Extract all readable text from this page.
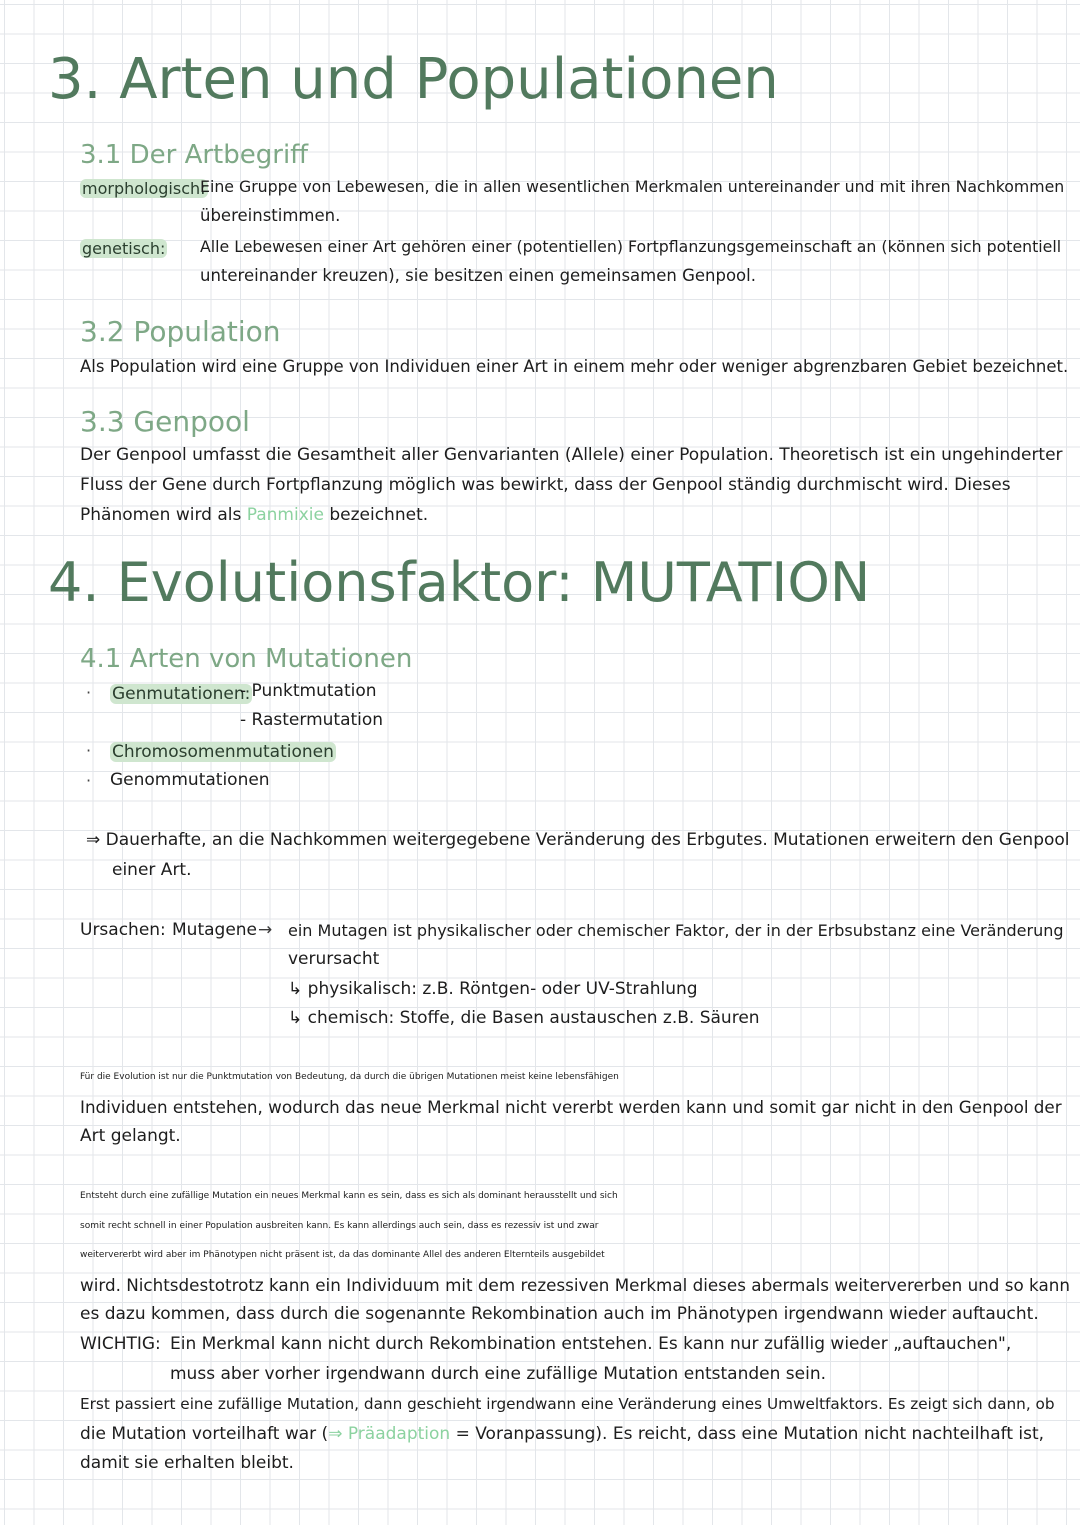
3. Arten und Populationen
3.1 Der Artbegriff
morphologisch:
Eine Gruppe von Lebewesen, die in allen wesentlichen Merkmalen untereinander und mit ihren Nachkommen
übereinstimmen.
genetisch: Alle Lebewesen einer Art gehören einer (potentiellen) Fortpflanzungsgemeinschaft an (können sich potentiell
untereinander kreuzen), sie besitzen einen gemeinsamen Genpool.
3.2 Population
Als Population wird eine Gruppe von Individuen einer Art in einem mehr oder weniger abgrenzbaren Gebiet bezeichnet.
3.3 Genpool
Der Genpool umfasst die Gesamtheit aller Genvarianten (Allele) einer Population. Theoretisch ist ein ungehinderter
Fluss der Gene durch Fortpflanzung möglich was bewirkt, dass der Genpool ständig durchmischt wird. Dieses
Phänomen wird als Panmixie bezeichnet.
4. Evolutionsfaktor: MUTATION
4.1 Arten von Mutationen
· Genmutationen:
- Punktmutation
- Rastermutation
· Chromosomenmutationen
· Genommutationen
⇒ Dauerhafte, an die Nachkommen weitergegebene Veränderung des Erbgutes. Mutationen erweitern den Genpool
einer Art.
Ursachen: Mutagene → ein Mutagen ist physikalischer oder chemischer Faktor, der in der Erbsubstanz eine Veränderung
verursacht
↳ physikalisch: z.B. Röntgen- oder UV-Strahlung
↳ chemisch: Stoffe, die Basen austauschen z.B. Säuren
Für die Evolution ist nur die Punktmutation von Bedeutung, da durch die übrigen Mutationen meist keine lebensfähigen
Individuen entstehen, wodurch das neue Merkmal nicht vererbt werden kann und somit gar nicht in den Genpool der
Art gelangt.
Entsteht durch eine zufällige Mutation ein neues Merkmal kann es sein, dass es sich als dominant herausstellt und sich
somit recht schnell in einer Population ausbreiten kann. Es kann allerdings auch sein, dass es rezessiv ist und zwar
weitervererbt wird aber im Phänotypen nicht präsent ist, da das dominante Allel des anderen Elternteils ausgebildet
wird. Nichtsdestotrotz kann ein Individuum mit dem rezessiven Merkmal dieses abermals weitervererben und so kann
es dazu kommen, dass durch die sogenannte Rekombination auch im Phänotypen irgendwann wieder auftaucht.
WICHTIG: Ein Merkmal kann nicht durch Rekombination entstehen. Es kann nur zufällig wieder „auftauchen",
muss aber vorher irgendwann durch eine zufällige Mutation entstanden sein.
Erst passiert eine zufällige Mutation, dann geschieht irgendwann eine Veränderung eines Umweltfaktors. Es zeigt sich dann, ob
die Mutation vorteilhaft war (⇒ Präadaption = Voranpassung). Es reicht, dass eine Mutation nicht nachteilhaft ist,
damit sie erhalten bleibt.
